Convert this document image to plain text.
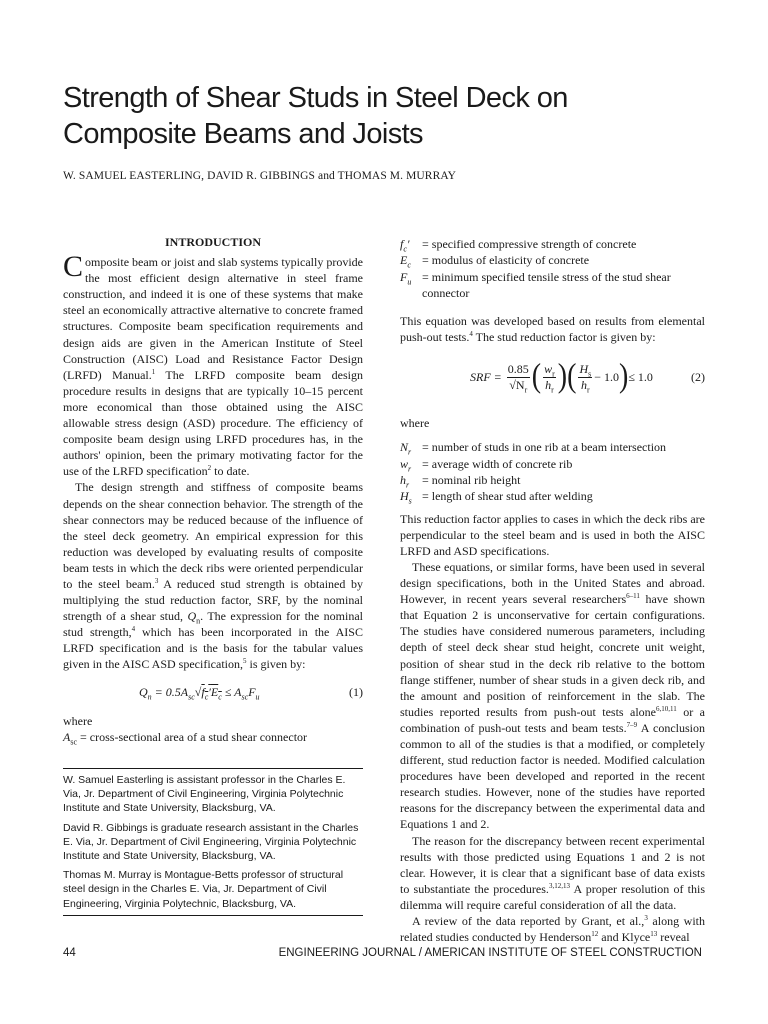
Strength of Shear Studs in Steel Deck on
Composite Beams and Joists
W. SAMUEL EASTERLING, DAVID R. GIBBINGS and THOMAS M. MURRAY
INTRODUCTION

Composite beam or joist and slab systems typically provide the most efficient design alternative in steel frame construction, and indeed it is one of these systems that make steel an economically attractive alternative to concrete framed structures. Composite beam specification requirements and design aids are given in the American Institute of Steel Construction (AISC) Load and Resistance Factor Design (LRFD) Manual.$^1$ The LRFD composite beam design procedure results in designs that are typically 10–15 percent more economical than those obtained using the AISC allowable stress design (ASD) procedure. The efficiency of composite beam design using LRFD procedures has, in the authors' opinion, been the primary motivating factor for the use of the LRFD specification$^2$ to date.

The design strength and stiffness of composite beams depends on the shear connection behavior. The strength of the shear connectors may be reduced because of the influence of the steel deck geometry. An empirical expression for this reduction was developed by evaluating results of composite beam tests in which the deck ribs were oriented perpendicular to the steel beam.$^3$ A reduced stud strength is obtained by multiplying the stud reduction factor, SRF, by the nominal strength of a shear stud, $Q_n$. The expression for the nominal stud strength,$^4$ which has been incorporated in the AISC LRFD specification and is the basis for the tabular values given in the AISC ASD specification,$^5$ is given by:

$Q_n = 0.5A_{sc}√f_c'E_c \le A_{sc}F_u$	(1)

where

$A_{sc}$ = cross-sectional area of a stud shear connector

W. Samuel Easterling is assistant professor in the Charles E. Via, Jr. Department of Civil Engineering, Virginia Polytechnic Institute and State University, Blacksburg, VA.

David R. Gibbings is graduate research assistant in the Charles E. Via, Jr. Department of Civil Engineering, Virginia Polytechnic Institute and State University, Blacksburg, VA.

Thomas M. Murray is Montague-Betts professor of structural steel design in the Charles E. Via, Jr. Department of Civil Engineering, Virginia Polytechnic, Blacksburg, VA.

$f_c'$	= specified compressive strength of concrete
$E_c$ = modulus of elasticity of concrete
$F_u$ = minimum specified tensile stress of the stud shear connector

This equation was developed based on results from elemental push-out tests.$^4$ The stud reduction factor is given by:

SRF = $\frac{0.85}{√N_r}$ ( $\frac{w_r}{h_r}$ )( $\frac{H_s}{h_r} - 1.0$ ) ≤ 1.0	(2)

where

$N_r$ = number of studs in one rib at a beam intersection
$w_r$ = average width of concrete rib
$h_r$	= nominal rib height
$H_s$ = length of shear stud after welding

This reduction factor applies to cases in which the deck ribs are perpendicular to the steel beam and is used in both the AISC LRFD and ASD specifications.

These equations, or similar forms, have been used in several design specifications, both in the United States and abroad. However, in recent years several researchers$^{6-11}$ have shown that Equation 2 is unconservative for certain configurations. The studies have considered numerous parameters, including depth of steel deck shear stud height, concrete unit weight, position of shear stud in the deck rib relative to the bottom flange stiffener, number of shear studs in a given deck rib, and the amount and position of reinforcement in the slab. The studies reported results from push-out tests alone$^{6,10,11}$ or a combination of push-out tests and beam tests.$^{7-9}$ A conclusion common to all of the studies is that a modified, or completely different, stud reduction factor is needed. Modified calculation procedures have been developed and reported in the recent research studies. However, none of the studies have reported reasons for the discrepancy between the experimental data and Equations 1 and 2.

The reason for the discrepancy between recent experimental results with those predicted using Equations 1 and 2 is not clear. However, it is clear that a significant base of data exists to substantiate the procedures.$^{3,12,13}$ A proper resolution of this dilemma will require careful consideration of all the data.

A review of the data reported by Grant, et al.,$^3$ along with related studies conducted by Henderson$^{12}$ and Klyce$^{13}$ reveal

44	ENGINEERING JOURNAL / AMERICAN INSTITUTE OF STEEL CONSTRUCTION
